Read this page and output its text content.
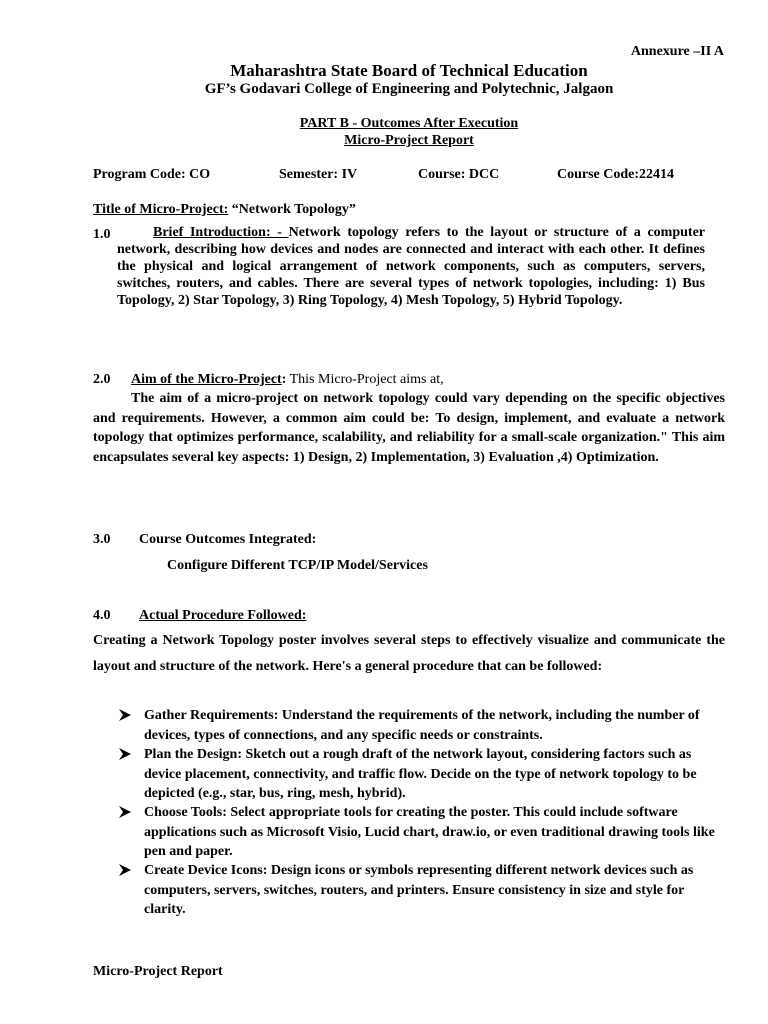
Annexure –II A
Maharashtra State Board of Technical Education
GF’s Godavari College of Engineering and Polytechnic, Jalgaon
PART B - Outcomes After Execution
Micro-Project Report
Program Code: CO	Semester: IV	Course: DCC	Course Code:22414
Title of Micro-Project: “Network Topology”
1.0	Brief Introduction: - Network topology refers to the layout or structure of a computer network, describing how devices and nodes are connected and interact with each other. It defines the physical and logical arrangement of network components, such as computers, servers, switches, routers, and cables. There are several types of network topologies, including: 1) Bus Topology, 2) Star Topology, 3) Ring Topology, 4) Mesh Topology, 5) Hybrid Topology.
2.0 Aim of the Micro-Project: This Micro-Project aims at,
The aim of a micro-project on network topology could vary depending on the specific objectives and requirements. However, a common aim could be: To design, implement, and evaluate a network topology that optimizes performance, scalability, and reliability for a small-scale organization." This aim encapsulates several key aspects: 1) Design, 2) Implementation, 3) Evaluation ,4) Optimization.
3.0 Course Outcomes Integrated:
Configure Different TCP/IP Model/Services
4.0 Actual Procedure Followed:
Creating a Network Topology poster involves several steps to effectively visualize and communicate the layout and structure of the network. Here's a general procedure that can be followed:
Gather Requirements: Understand the requirements of the network, including the number of devices, types of connections, and any specific needs or constraints.
Plan the Design: Sketch out a rough draft of the network layout, considering factors such as device placement, connectivity, and traffic flow. Decide on the type of network topology to be depicted (e.g., star, bus, ring, mesh, hybrid).
Choose Tools: Select appropriate tools for creating the poster. This could include software applications such as Microsoft Visio, Lucid chart, draw.io, or even traditional drawing tools like pen and paper.
Create Device Icons: Design icons or symbols representing different network devices such as computers, servers, switches, routers, and printers. Ensure consistency in size and style for clarity.
Micro-Project Report
